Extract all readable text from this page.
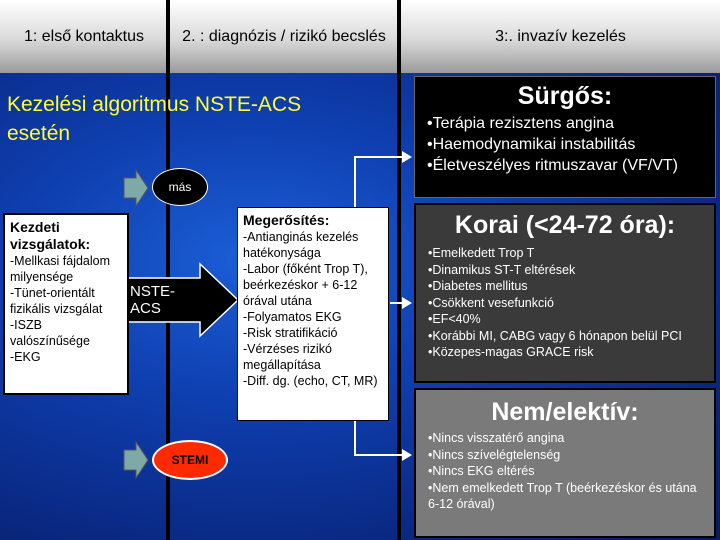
1: első kontaktus	2. : diagnózis / rizikó becslés	3:. invazív kezelés
Kezelési algoritmus NSTE-ACS esetén
más
STEMI
NSTE-ACS
Kezdeti vizsgálatok:
-Mellkasi fájdalom milyensége
-Tünet-orientált fizikális vizsgálat
-ISZB valószínűsége
-EKG
Megerősítés:
-Antianginás kezelés hatékonysága
-Labor (főként Trop T), beérkezéskor + 6-12 órával utána
-Folyamatos EKG
-Risk stratifikáció
-Vérzéses rizikó megállapítása
-Diff. dg. (echo, CT, MR)
Sürgős:
•Terápia rezisztens angina
•Haemodynamikai instabilitás
•Életveszélyes ritmuszavar (VF/VT)
Korai (<24-72 óra):
•Emelkedett Trop T
•Dinamikus ST-T eltérések
•Diabetes mellitus
•Csökkent vesefunkció
•EF<40%
•Korábbi MI, CABG vagy 6 hónapon belül PCI
•Közepes-magas GRACE risk
Nem/elektív:
•Nincs visszatérő angina
•Nincs szívelégtelenség
•Nincs EKG eltérés
•Nem emelkedett Trop T (beérkezéskor és utána 6-12 órával)
